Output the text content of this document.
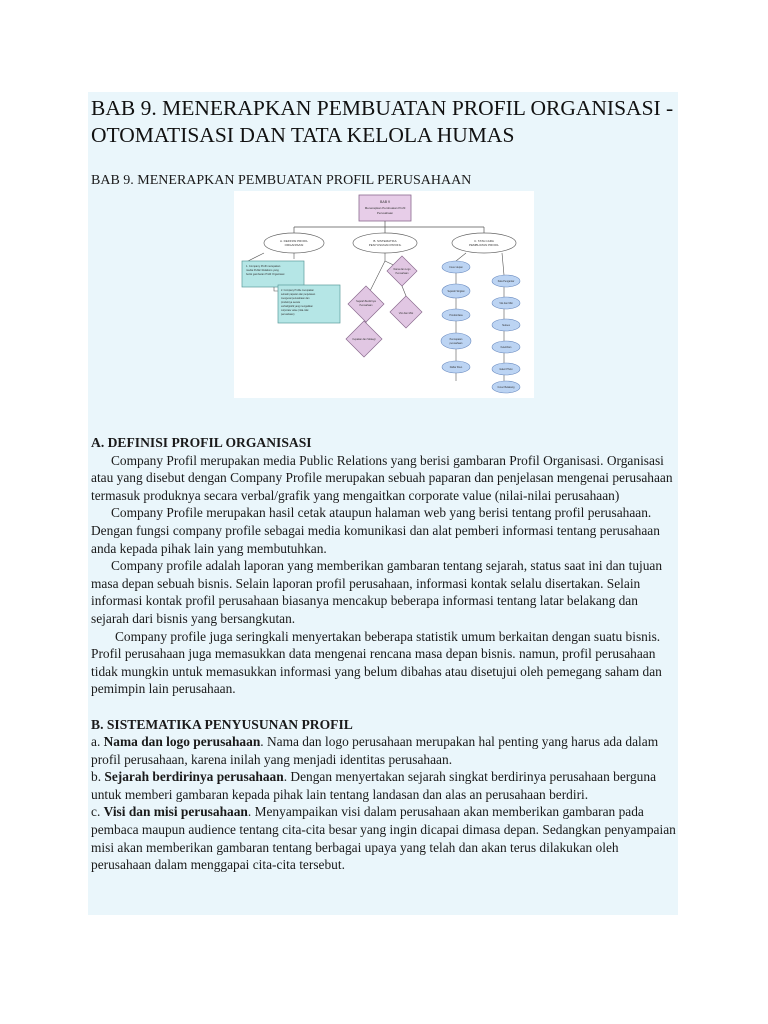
BAB 9. MENERAPKAN PEMBUATAN PROFIL ORGANISASI - OTOMATISASI DAN TATA KELOLA HUMAS
BAB 9. MENERAPKAN PEMBUATAN PROFIL PERUSAHAAN
BAB 9
Menerapkan Pembuatan Profil
Perusahaan
A. DEFINISI PROFIL
ORGANISASI
B. SISTEMATIKA
PENYUSUNAN PROFIL
C. TATA CARA
PEMBUATAN PROFIL
1. Company Profil merupakan
media Public Relations yang
berisi gambaran Profil Organisasi
2. Company Profile merupakan
sebuah paparan dan penjelasan
mengenai perusahaan dan
produknya secara
verbal/grafik yang mengaitkan
corporate value (nilai-nilai
perusahaan)
Nama dan Logo
Perusahaan
Sejarah Berdirinya
Perusahaan
Visi dan Misi
Kepakan dan Strategi
Cover depan
Sejarah Singkat
Produk/Jasa
Pencapaian
perusahaan
Daftar Klien
Kata Pengantar
Visi dan Misi
Sukses
Kelebihan
Galeri Photo
Cover Belakang
A. DEFINISI PROFIL ORGANISASI

Company Profil merupakan media Public Relations yang berisi gambaran Profil Organisasi. Organisasi atau yang disebut dengan Company Profile merupakan sebuah paparan dan penjelasan mengenai perusahaan termasuk produknya secara verbal/grafik yang mengaitkan corporate value (nilai-nilai perusahaan)

Company Profile merupakan hasil cetak ataupun halaman web yang berisi tentang profil perusahaan. Dengan fungsi company profile sebagai media komunikasi dan alat pemberi informasi tentang perusahaan anda kepada pihak lain yang membutuhkan.

Company profile adalah laporan yang memberikan gambaran tentang sejarah, status saat ini dan tujuan masa depan sebuah bisnis. Selain laporan profil perusahaan, informasi kontak selalu disertakan. Selain informasi kontak profil perusahaan biasanya mencakup beberapa informasi tentang latar belakang dan sejarah dari bisnis yang bersangkutan.

Company profile juga seringkali menyertakan beberapa statistik umum berkaitan dengan suatu bisnis. Profil perusahaan juga memasukkan data mengenai rencana masa depan bisnis. namun, profil perusahaan tidak mungkin untuk memasukkan informasi yang belum dibahas atau disetujui oleh pemegang saham dan pemimpin lain perusahaan.

B. SISTEMATIKA PENYUSUNAN PROFIL

a. Nama dan logo perusahaan. Nama dan logo perusahaan merupakan hal penting yang harus ada dalam profil perusahaan, karena inilah yang menjadi identitas perusahaan.

b. Sejarah berdirinya perusahaan. Dengan menyertakan sejarah singkat berdirinya perusahaan berguna untuk memberi gambaran kepada pihak lain tentang landasan dan alas an perusahaan berdiri.

c. Visi dan misi perusahaan. Menyampaikan visi dalam perusahaan akan memberikan gambaran pada pembaca maupun audience tentang cita-cita besar yang ingin dicapai dimasa depan. Sedangkan penyampaian misi akan memberikan gambaran tentang berbagai upaya yang telah dan akan terus dilakukan oleh perusahaan dalam menggapai cita-cita tersebut.
